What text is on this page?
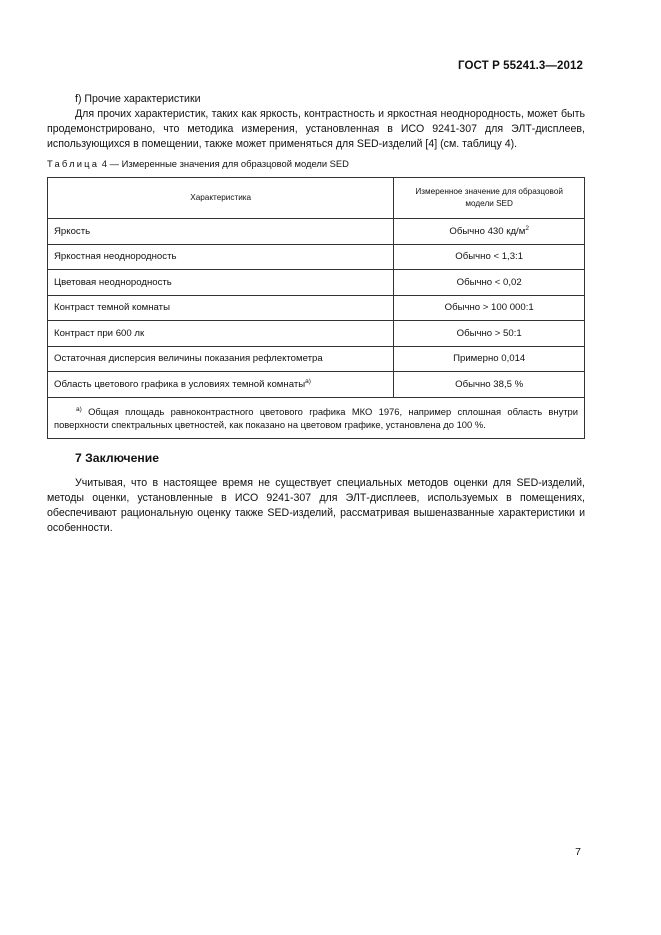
ГОСТ Р 55241.3—2012
f) Прочие характеристики
Для прочих характеристик, таких как яркость, контрастность и яркостная неоднородность, может быть продемонстрировано, что методика измерения, установленная в ИСО 9241-307 для ЭЛТ-дисплеев, использующихся в помещении, также может применяться для SED-изделий [4] (см. таблицу 4).
Таблица 4 — Измеренные значения для образцовой модели SED
Характеристика	Измеренное значение для образцовой
модели SED
Яркость	Обычно 430 $кд/м^2$
Яркостная неоднородность	Обычно < 1,3:1
Цветовая неоднородность	Обычно < 0,02
Контраст темной комнаты	Обычно > 100 000:1
Контраст при 600 лк	Обычно > 50:1
Остаточная дисперсия величины показания рефлектометра	Примерно 0,014
Область цветового графика в условиях темной комнаты$^{a)}$	Обычно 38,5 %
$^{a)}$ Общая площадь равноконтрастного цветового графика МКО 1976, например сплошная область внутри поверхности спектральных цветностей, как показано на цветовом графике, установлена до 100 %.	
7 Заключение
Учитывая, что в настоящее время не существует специальных методов оценки для SED-изделий, методы оценки, установленные в ИСО 9241-307 для ЭЛТ-дисплеев, используемых в помещениях, обеспечивают рациональную оценку также SED-изделий, рассматривая вышеназванные характеристики и особенности.
7
